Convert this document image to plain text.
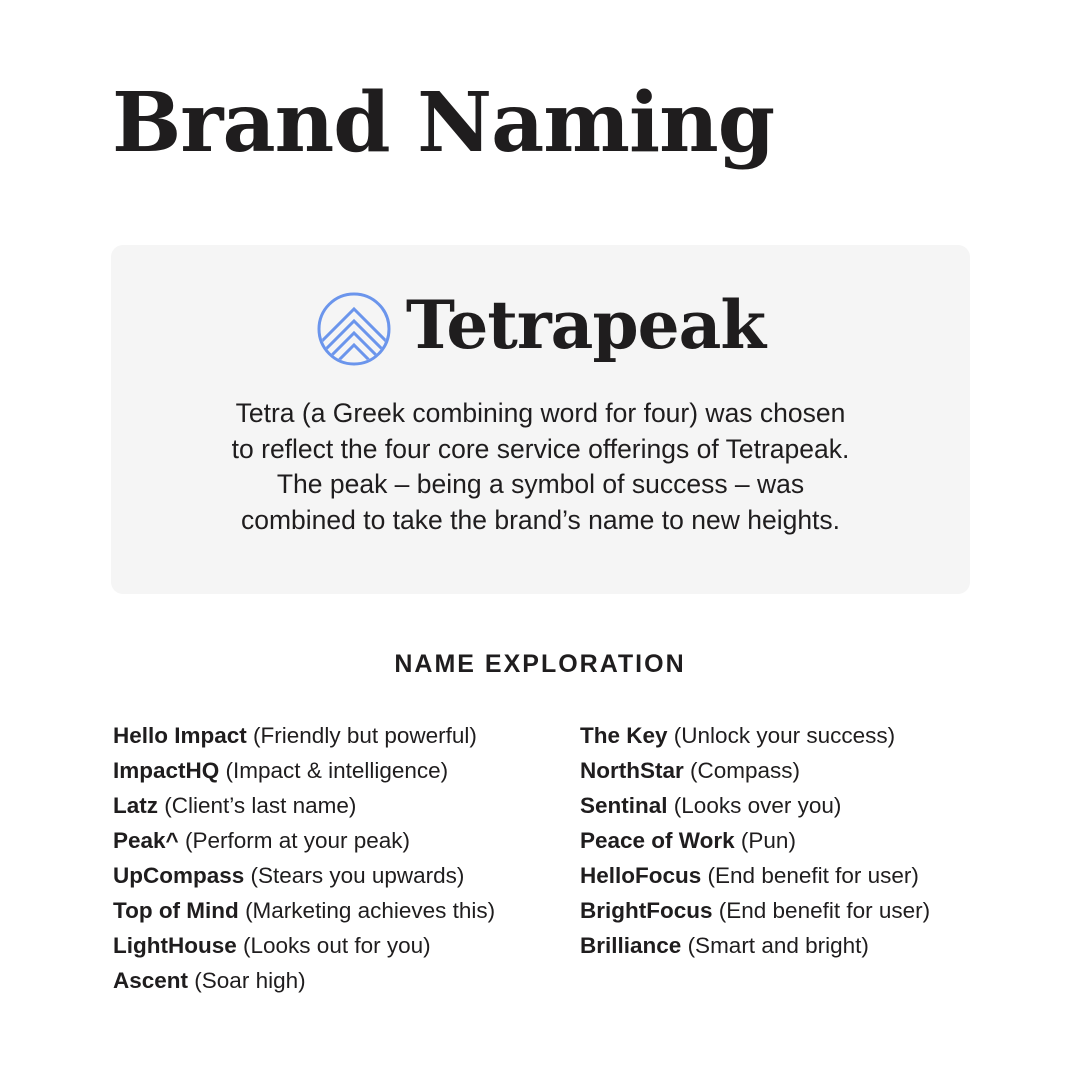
Brand Naming
Tetrapeak

Tetra (a Greek combining word for four) was chosen
to reflect the four core service offerings of Tetrapeak.
The peak – being a symbol of success – was
combined to take the brand’s name to new heights.

NAME EXPLORATION
Hello Impact (Friendly but powerful)
ImpactHQ (Impact & intelligence)
Latz (Client’s last name)
Peak^ (Perform at your peak)
UpCompass (Stears you upwards)
Top of Mind (Marketing achieves this)
LightHouse (Looks out for you)
Ascent (Soar high)
The Key (Unlock your success)
NorthStar (Compass)
Sentinal (Looks over you)
Peace of Work (Pun)
HelloFocus (End benefit for user)
BrightFocus (End benefit for user)
Brilliance (Smart and bright)
